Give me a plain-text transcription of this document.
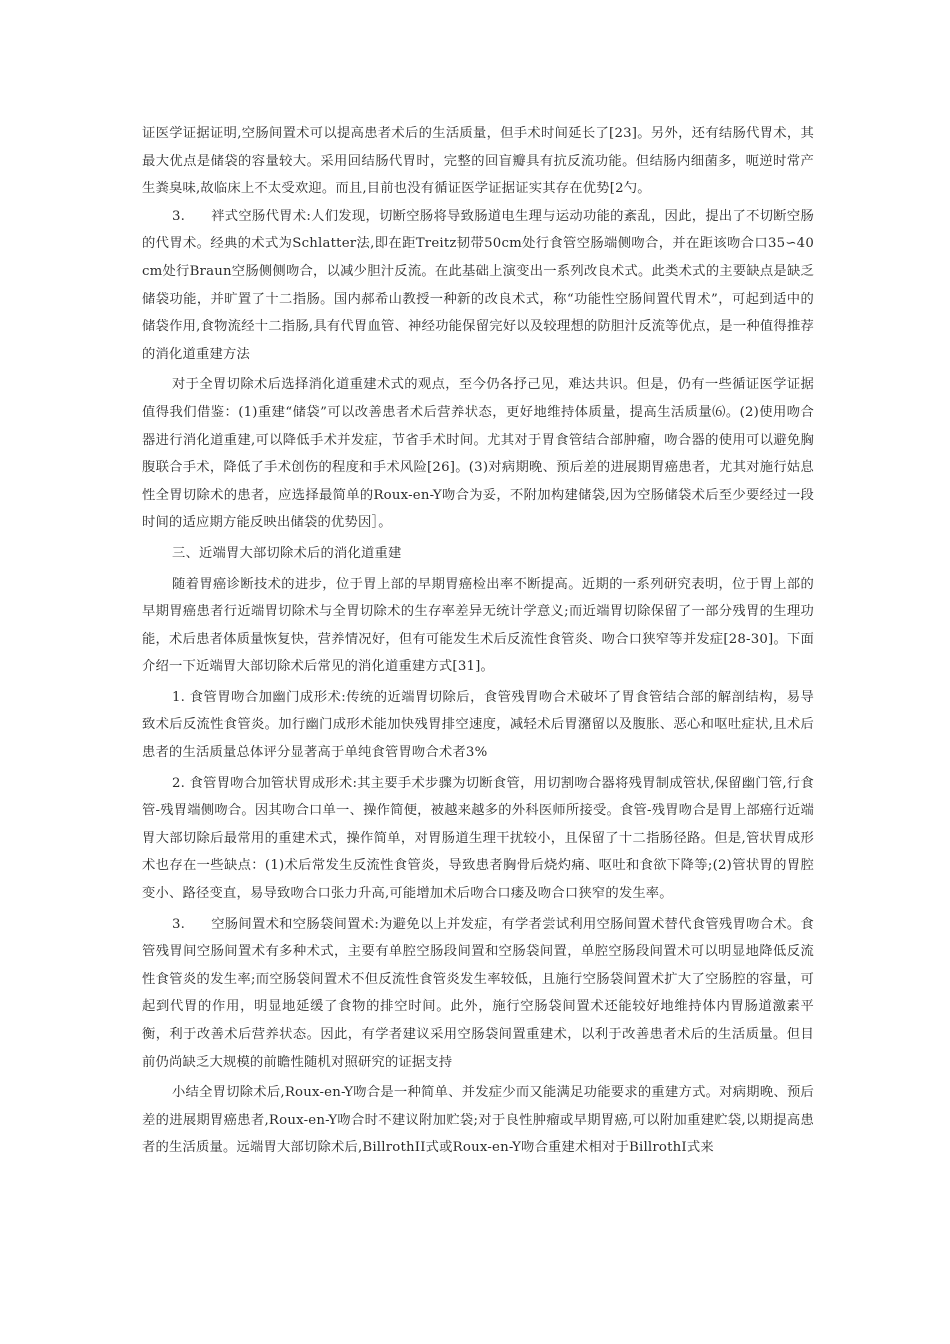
证医学证据证明,空肠间置术可以提高患者术后的生活质量，但手术时间延长了[23]。另外，还有结肠代胃术，其最大优点是储袋的容量较大。采用回结肠代胃时，完整的回盲瓣具有抗反流功能。但结肠内细菌多，呃逆时常产生粪臭味,故临床上不太受欢迎。而且,目前也没有循证医学证据证实其存在优势[2勺。

3. 袢式空肠代胃术:人们发现，切断空肠将导致肠道电生理与运动功能的紊乱，因此，提出了不切断空肠的代胃术。经典的术式为Schlatter法,即在距Treitz韧带50cm处行食管空肠端侧吻合，并在距该吻合口35∽40cm处行Braun空肠侧侧吻合，以减少胆汁反流。在此基础上演变出一系列改良术式。此类术式的主要缺点是缺乏储袋功能，并旷置了十二指肠。国内郝希山教授一种新的改良术式，称“功能性空肠间置代胃术”，可起到适中的储袋作用,食物流经十二指肠,具有代胃血管、神经功能保留完好以及较理想的防胆汁反流等优点，是一种值得推荐的消化道重建方法

对于全胃切除术后选择消化道重建术式的观点，至今仍各抒己见，难达共识。但是，仍有一些循证医学证据值得我们借鉴：(1)重建“储袋”可以改善患者术后营养状态，更好地维持体质量，提高生活质量⑹。(2)使用吻合器进行消化道重建,可以降低手术并发症，节省手术时间。尤其对于胃食管结合部肿瘤，吻合器的使用可以避免胸腹联合手术，降低了手术创伤的程度和手术风险[26]。(3)对病期晚、预后差的进展期胃癌患者，尤其对施行姑息性全胃切除术的患者，应选择最简单的Roux-en-Y吻合为妥，不附加构建储袋,因为空肠储袋术后至少要经过一段时间的适应期方能反映出储袋的优势因］。

三、近端胃大部切除术后的消化道重建

随着胃癌诊断技术的进步，位于胃上部的早期胃癌检出率不断提高。近期的一系列研究表明，位于胃上部的早期胃癌患者行近端胃切除术与全胃切除术的生存率差异无统计学意义;而近端胃切除保留了一部分残胃的生理功能，术后患者体质量恢复快，营养情况好，但有可能发生术后反流性食管炎、吻合口狭窄等并发症[28-30]。下面介绍一下近端胃大部切除术后常见的消化道重建方式[31]。

1. 食管胃吻合加幽门成形术:传统的近端胃切除后，食管残胃吻合术破坏了胃食管结合部的解剖结构，易导致术后反流性食管炎。加行幽门成形术能加快残胃排空速度，减轻术后胃潴留以及腹胀、恶心和呕吐症状,且术后患者的生活质量总体评分显著高于单纯食管胃吻合术者3%

2. 食管胃吻合加管状胃成形术:其主要手术步骤为切断食管，用切割吻合器将残胃制成管状,保留幽门管,行食管-残胃端侧吻合。因其吻合口单一、操作简便，被越来越多的外科医师所接受。食管-残胃吻合是胃上部癌行近端胃大部切除后最常用的重建术式，操作简单，对胃肠道生理干扰较小，且保留了十二指肠径路。但是,管状胃成形术也存在一些缺点：(1)术后常发生反流性食管炎，导致患者胸骨后烧灼痛、呕吐和食欲下降等;(2)管状胃的胃腔变小、路径变直，易导致吻合口张力升高,可能增加术后吻合口瘘及吻合口狭窄的发生率。

3. 空肠间置术和空肠袋间置术:为避免以上并发症，有学者尝试利用空肠间置术替代食管残胃吻合术。食管残胃间空肠间置术有多种术式，主要有单腔空肠段间置和空肠袋间置，单腔空肠段间置术可以明显地降低反流性食管炎的发生率;而空肠袋间置术不但反流性食管炎发生率较低，且施行空肠袋间置术扩大了空肠腔的容量，可起到代胃的作用，明显地延缓了食物的排空时间。此外，施行空肠袋间置术还能较好地维持体内胃肠道激素平衡，利于改善术后营养状态。因此，有学者建议采用空肠袋间置重建术，以利于改善患者术后的生活质量。但目前仍尚缺乏大规模的前瞻性随机对照研究的证据支持

小结全胃切除术后,Roux-en-Y吻合是一种简单、并发症少而又能满足功能要求的重建方式。对病期晚、预后差的进展期胃癌患者,Roux-en-Y吻合时不建议附加贮袋;对于良性肿瘤或早期胃癌,可以附加重建贮袋,以期提高患者的生活质量。远端胃大部切除术后,BillrothII式或Roux-en-Y吻合重建术相对于BillrothⅠ式来
